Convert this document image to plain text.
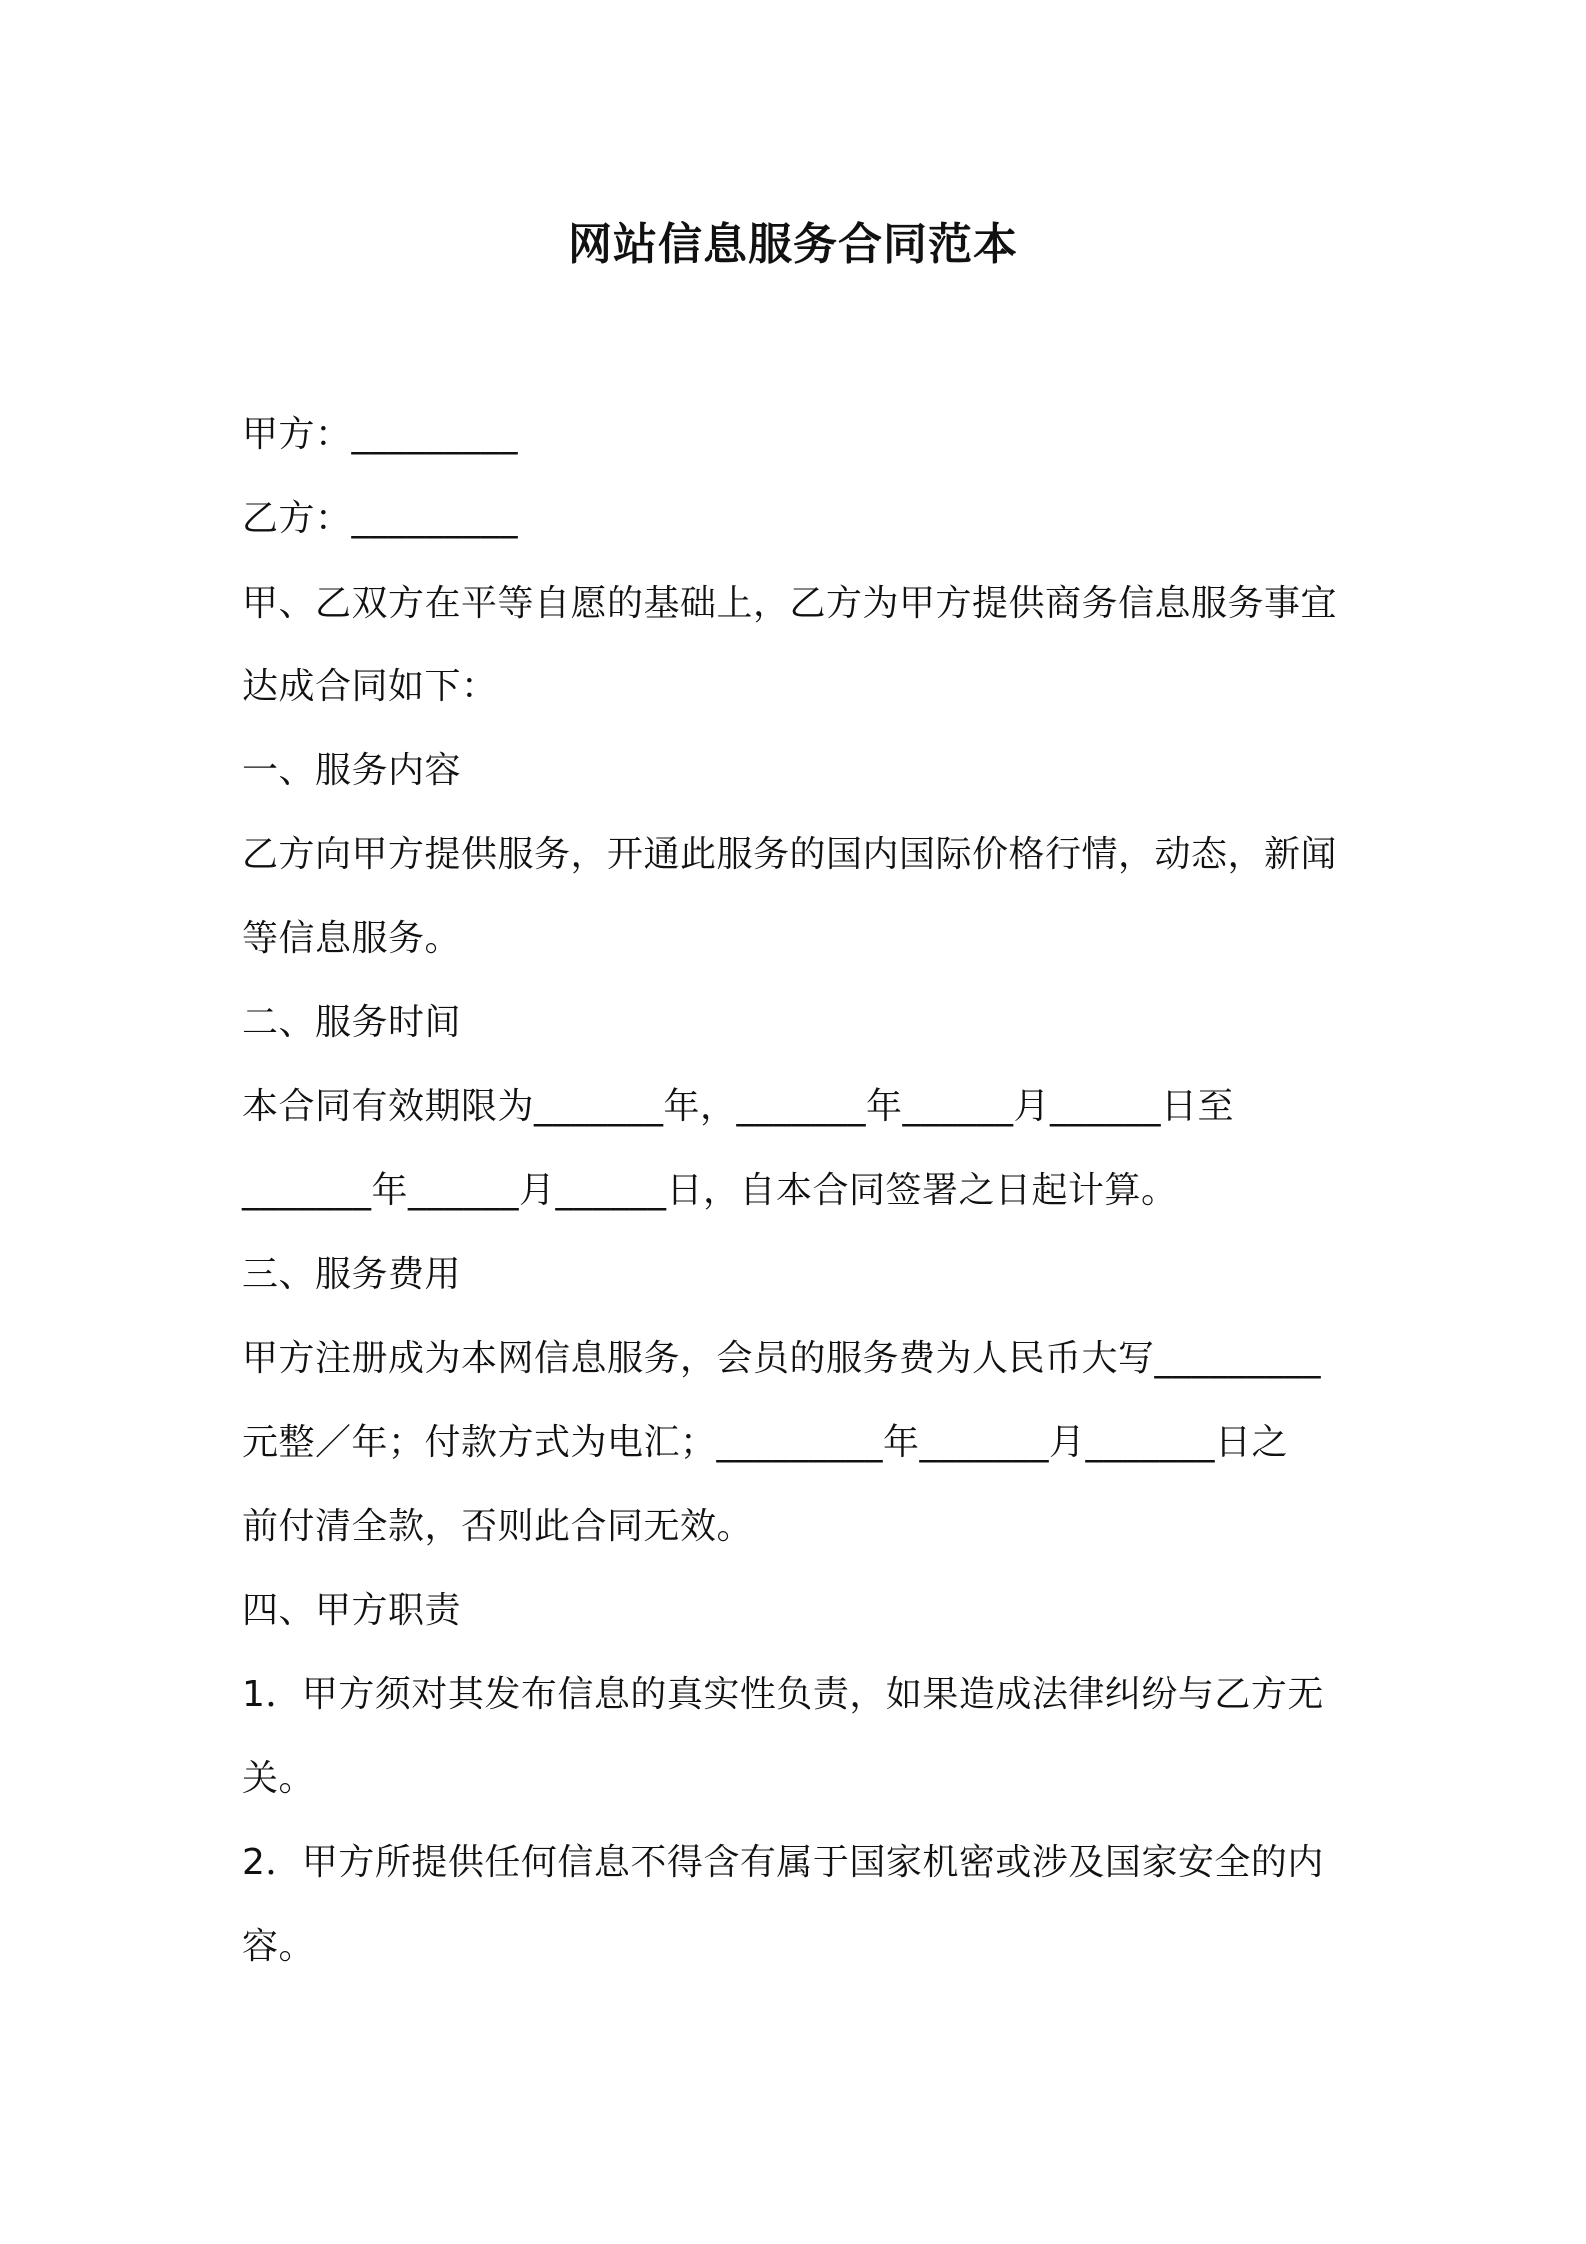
网站信息服务合同范本
甲方：_________
乙方：_________
甲、乙双方在平等自愿的基础上，乙方为甲方提供商务信息服务事宜
达成合同如下：
一、服务内容
乙方向甲方提供服务，开通此服务的国内国际价格行情，动态，新闻
等信息服务。
二、服务时间
本合同有效期限为_______年，_______年______月______日至
_______年______月______日，自本合同签署之日起计算。
三、服务费用
甲方注册成为本网信息服务，会员的服务费为人民币大写_________
元整／年；付款方式为电汇；_________年_______月_______日之
前付清全款，否则此合同无效。
四、甲方职责
1．甲方须对其发布信息的真实性负责，如果造成法律纠纷与乙方无
关。
2．甲方所提供任何信息不得含有属于国家机密或涉及国家安全的内
容。
